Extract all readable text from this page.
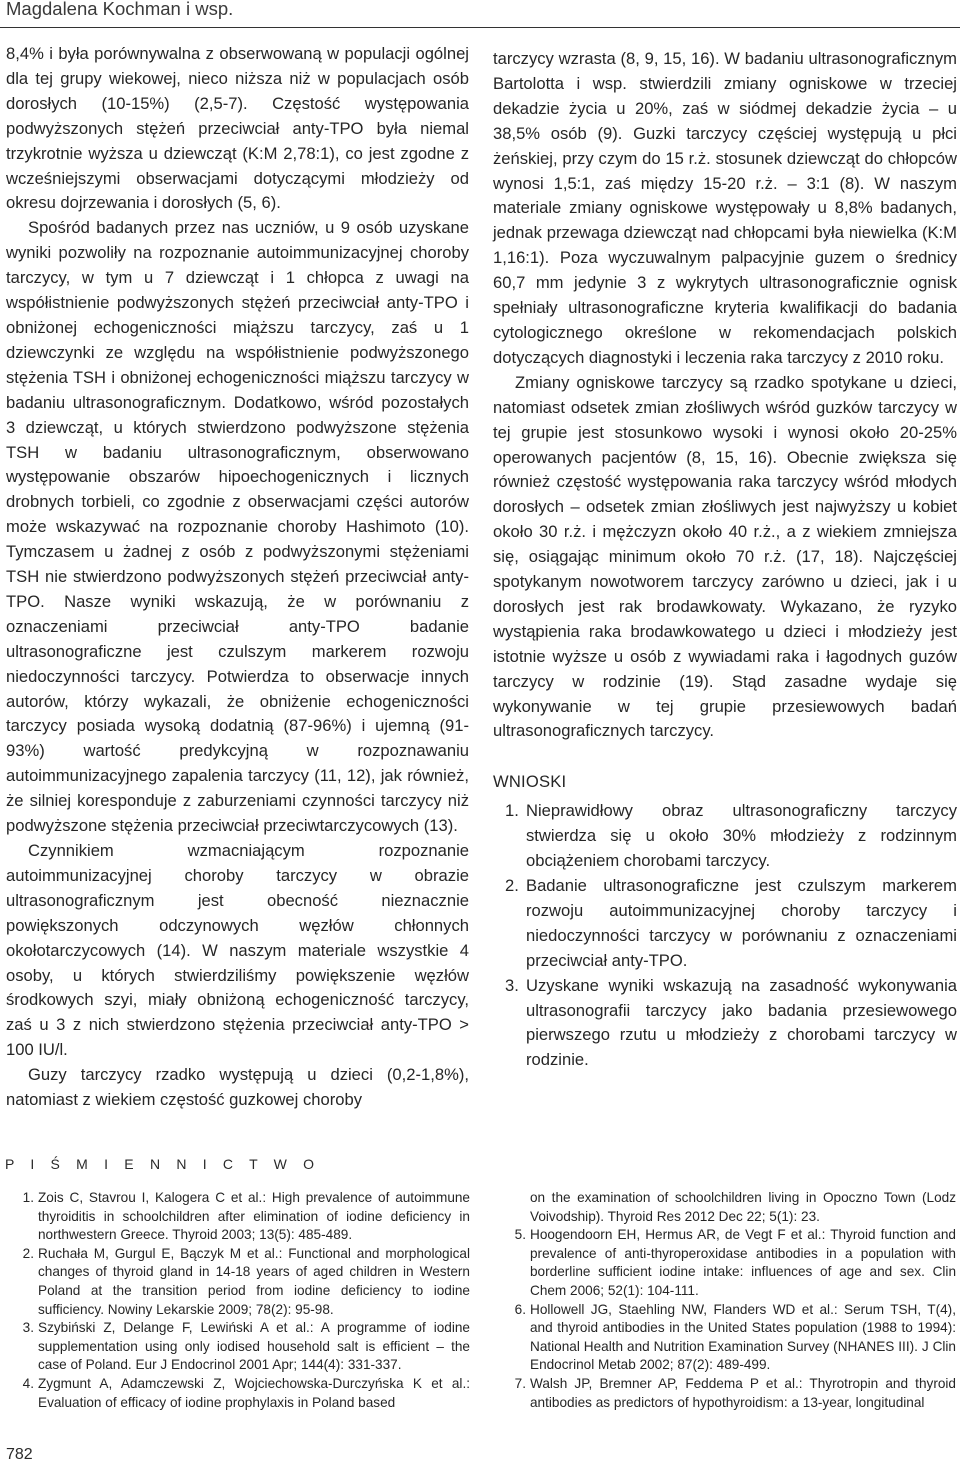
Magdalena Kochman i wsp.

8,4% i była porównywalna z obserwowaną w populacji ogólnej dla tej grupy wiekowej, nieco niższa niż w populacjach osób dorosłych (10-15%) (2,5-7). Częstość występowania podwyższonych stężeń przeciwciał anty-TPO była niemal trzykrotnie wyższa u dziewcząt (K:M 2,78:1), co jest zgodne z wcześniejszymi obserwacjami dotyczącymi młodzieży od okresu dojrzewania i dorosłych (5, 6).

Spośród badanych przez nas uczniów, u 9 osób uzyskane wyniki pozwoliły na rozpoznanie autoimmunizacyjnej choroby tarczycy, w tym u 7 dziewcząt i 1 chłopca z uwagi na współistnienie podwyższonych stężeń przeciwciał anty-TPO i obniżonej echogeniczności miąższu tarczycy, zaś u 1 dziewczynki ze względu na współistnienie podwyższonego stężenia TSH i obniżonej echogeniczności miąższu tarczycy w badaniu ultrasonograficznym. Dodatkowo, wśród pozostałych 3 dziewcząt, u których stwierdzono podwyższone stężenia TSH w badaniu ultrasonograficznym, obserwowano występowanie obszarów hipoechogenicznych i licznych drobnych torbieli, co zgodnie z obserwacjami części autorów może wskazywać na rozpoznanie choroby Hashimoto (10). Tymczasem u żadnej z osób z podwyższonymi stężeniami TSH nie stwierdzono podwyższonych stężeń przeciwciał anty-TPO. Nasze wyniki wskazują, że w porównaniu z oznaczeniami przeciwciał anty-TPO badanie ultrasonograficzne jest czulszym markerem rozwoju niedoczynności tarczycy. Potwierdza to obserwacje innych autorów, którzy wykazali, że obniżenie echogeniczności tarczycy posiada wysoką dodatnią (87-96%) i ujemną (91-93%) wartość predykcyjną w rozpoznawaniu autoimmunizacyjnego zapalenia tarczycy (11, 12), jak również, że silniej koresponduje z zaburzeniami czynności tarczycy niż podwyższone stężenia przeciwciał przeciwtarczycowych (13).

Czynnikiem wzmacniającym rozpoznanie autoimmunizacyjnej choroby tarczycy w obrazie ultrasonograficznym jest obecność nieznacznie powiększonych odczynowych węzłów chłonnych okołotarczycowych (14). W naszym materiale wszystkie 4 osoby, u których stwierdziliśmy powiększenie węzłów środkowych szyi, miały obniżoną echogeniczność tarczycy, zaś u 3 z nich stwierdzono stężenia przeciwciał anty-TPO > 100 IU/l.

Guzy tarczycy rzadko występują u dzieci (0,2-1,8%), natomiast z wiekiem częstość guzkowej choroby

tarczycy wzrasta (8, 9, 15, 16). W badaniu ultrasonograficznym Bartolotta i wsp. stwierdzili zmiany ogniskowe w trzeciej dekadzie życia u 20%, zaś w siódmej dekadzie życia – u 38,5% osób (9). Guzki tarczycy częściej występują u płci żeńskiej, przy czym do 15 r.ż. stosunek dziewcząt do chłopców wynosi 1,5:1, zaś między 15-20 r.ż. – 3:1 (8). W naszym materiale zmiany ogniskowe występowały u 8,8% badanych, jednak przewaga dziewcząt nad chłopcami była niewielka (K:M 1,16:1). Poza wyczuwalnym palpacyjnie guzem o średnicy 60,7 mm jedynie 3 z wykrytych ultrasonograficznie ognisk spełniały ultrasonograficzne kryteria kwalifikacji do badania cytologicznego określone w rekomendacjach polskich dotyczących diagnostyki i leczenia raka tarczycy z 2010 roku.

Zmiany ogniskowe tarczycy są rzadko spotykane u dzieci, natomiast odsetek zmian złośliwych wśród guzków tarczycy w tej grupie jest stosunkowo wysoki i wynosi około 20-25% operowanych pacjentów (8, 15, 16). Obecnie zwiększa się również częstość występowania raka tarczycy wśród młodych dorosłych – odsetek zmian złośliwych jest najwyższy u kobiet około 30 r.ż. i mężczyzn około 40 r.ż., a z wiekiem zmniejsza się, osiągając minimum około 70 r.ż. (17, 18). Najczęściej spotykanym nowotworem tarczycy zarówno u dzieci, jak i u dorosłych jest rak brodawkowaty. Wykazano, że ryzyko wystąpienia raka brodawkowatego u dzieci i młodzieży jest istotnie wyższe u osób z wywiadami raka i łagodnych guzów tarczycy w rodzinie (19). Stąd zasadne wydaje się wykonywanie w tej grupie przesiewowych badań ultrasonograficznych tarczycy.

WNIOSKI
1. Nieprawidłowy obraz ultrasonograficzny tarczycy stwierdza się u około 30% młodzieży z rodzinnym obciążeniem chorobami tarczycy.
2. Badanie ultrasonograficzne jest czulszym markerem rozwoju autoimmunizacyjnej choroby tarczycy i niedoczynności tarczycy w porównaniu z oznaczeniami przeciwciał anty-TPO.
3. Uzyskane wyniki wskazują na zasadność wykonywania ultrasonografii tarczycy jako badania przesiewowego pierwszego rzutu u młodzieży z chorobami tarczycy w rodzinie.
P I Ś M I E N N I C T W O
1. Zois C, Stavrou I, Kalogera C et al.: High prevalence of autoimmune thyroiditis in schoolchildren after elimination of iodine deficiency in northwestern Greece. Thyroid 2003; 13(5): 485-489.
2. Ruchała M, Gurgul E, Bączyk M et al.: Functional and morphological changes of thyroid gland in 14-18 years of aged children in Western Poland at the transition period from iodine deficiency to iodine sufficiency. Nowiny Lekarskie 2009; 78(2): 95-98.
3. Szybiński Z, Delange F, Lewiński A et al.: A programme of iodine supplementation using only iodised household salt is efficient – the case of Poland. Eur J Endocrinol 2001 Apr; 144(4): 331-337.
4. Zygmunt A, Adamczewski Z, Wojciechowska-Durczyńska K et al.: Evaluation of efficacy of iodine prophylaxis in Poland based
on the examination of schoolchildren living in Opoczno Town (Lodz Voivodship). Thyroid Res 2012 Dec 22; 5(1): 23.
5. Hoogendoorn EH, Hermus AR, de Vegt F et al.: Thyroid function and prevalence of anti-thyroperoxidase antibodies in a population with borderline sufficient iodine intake: influences of age and sex. Clin Chem 2006; 52(1): 104-111.
6. Hollowell JG, Staehling NW, Flanders WD et al.: Serum TSH, T(4), and thyroid antibodies in the United States population (1988 to 1994): National Health and Nutrition Examination Survey (NHANES III). J Clin Endocrinol Metab 2002; 87(2): 489-499.
7. Walsh JP, Bremner AP, Feddema P et al.: Thyrotropin and thyroid antibodies as predictors of hypothyroidism: a 13-year, longitudinal
782
